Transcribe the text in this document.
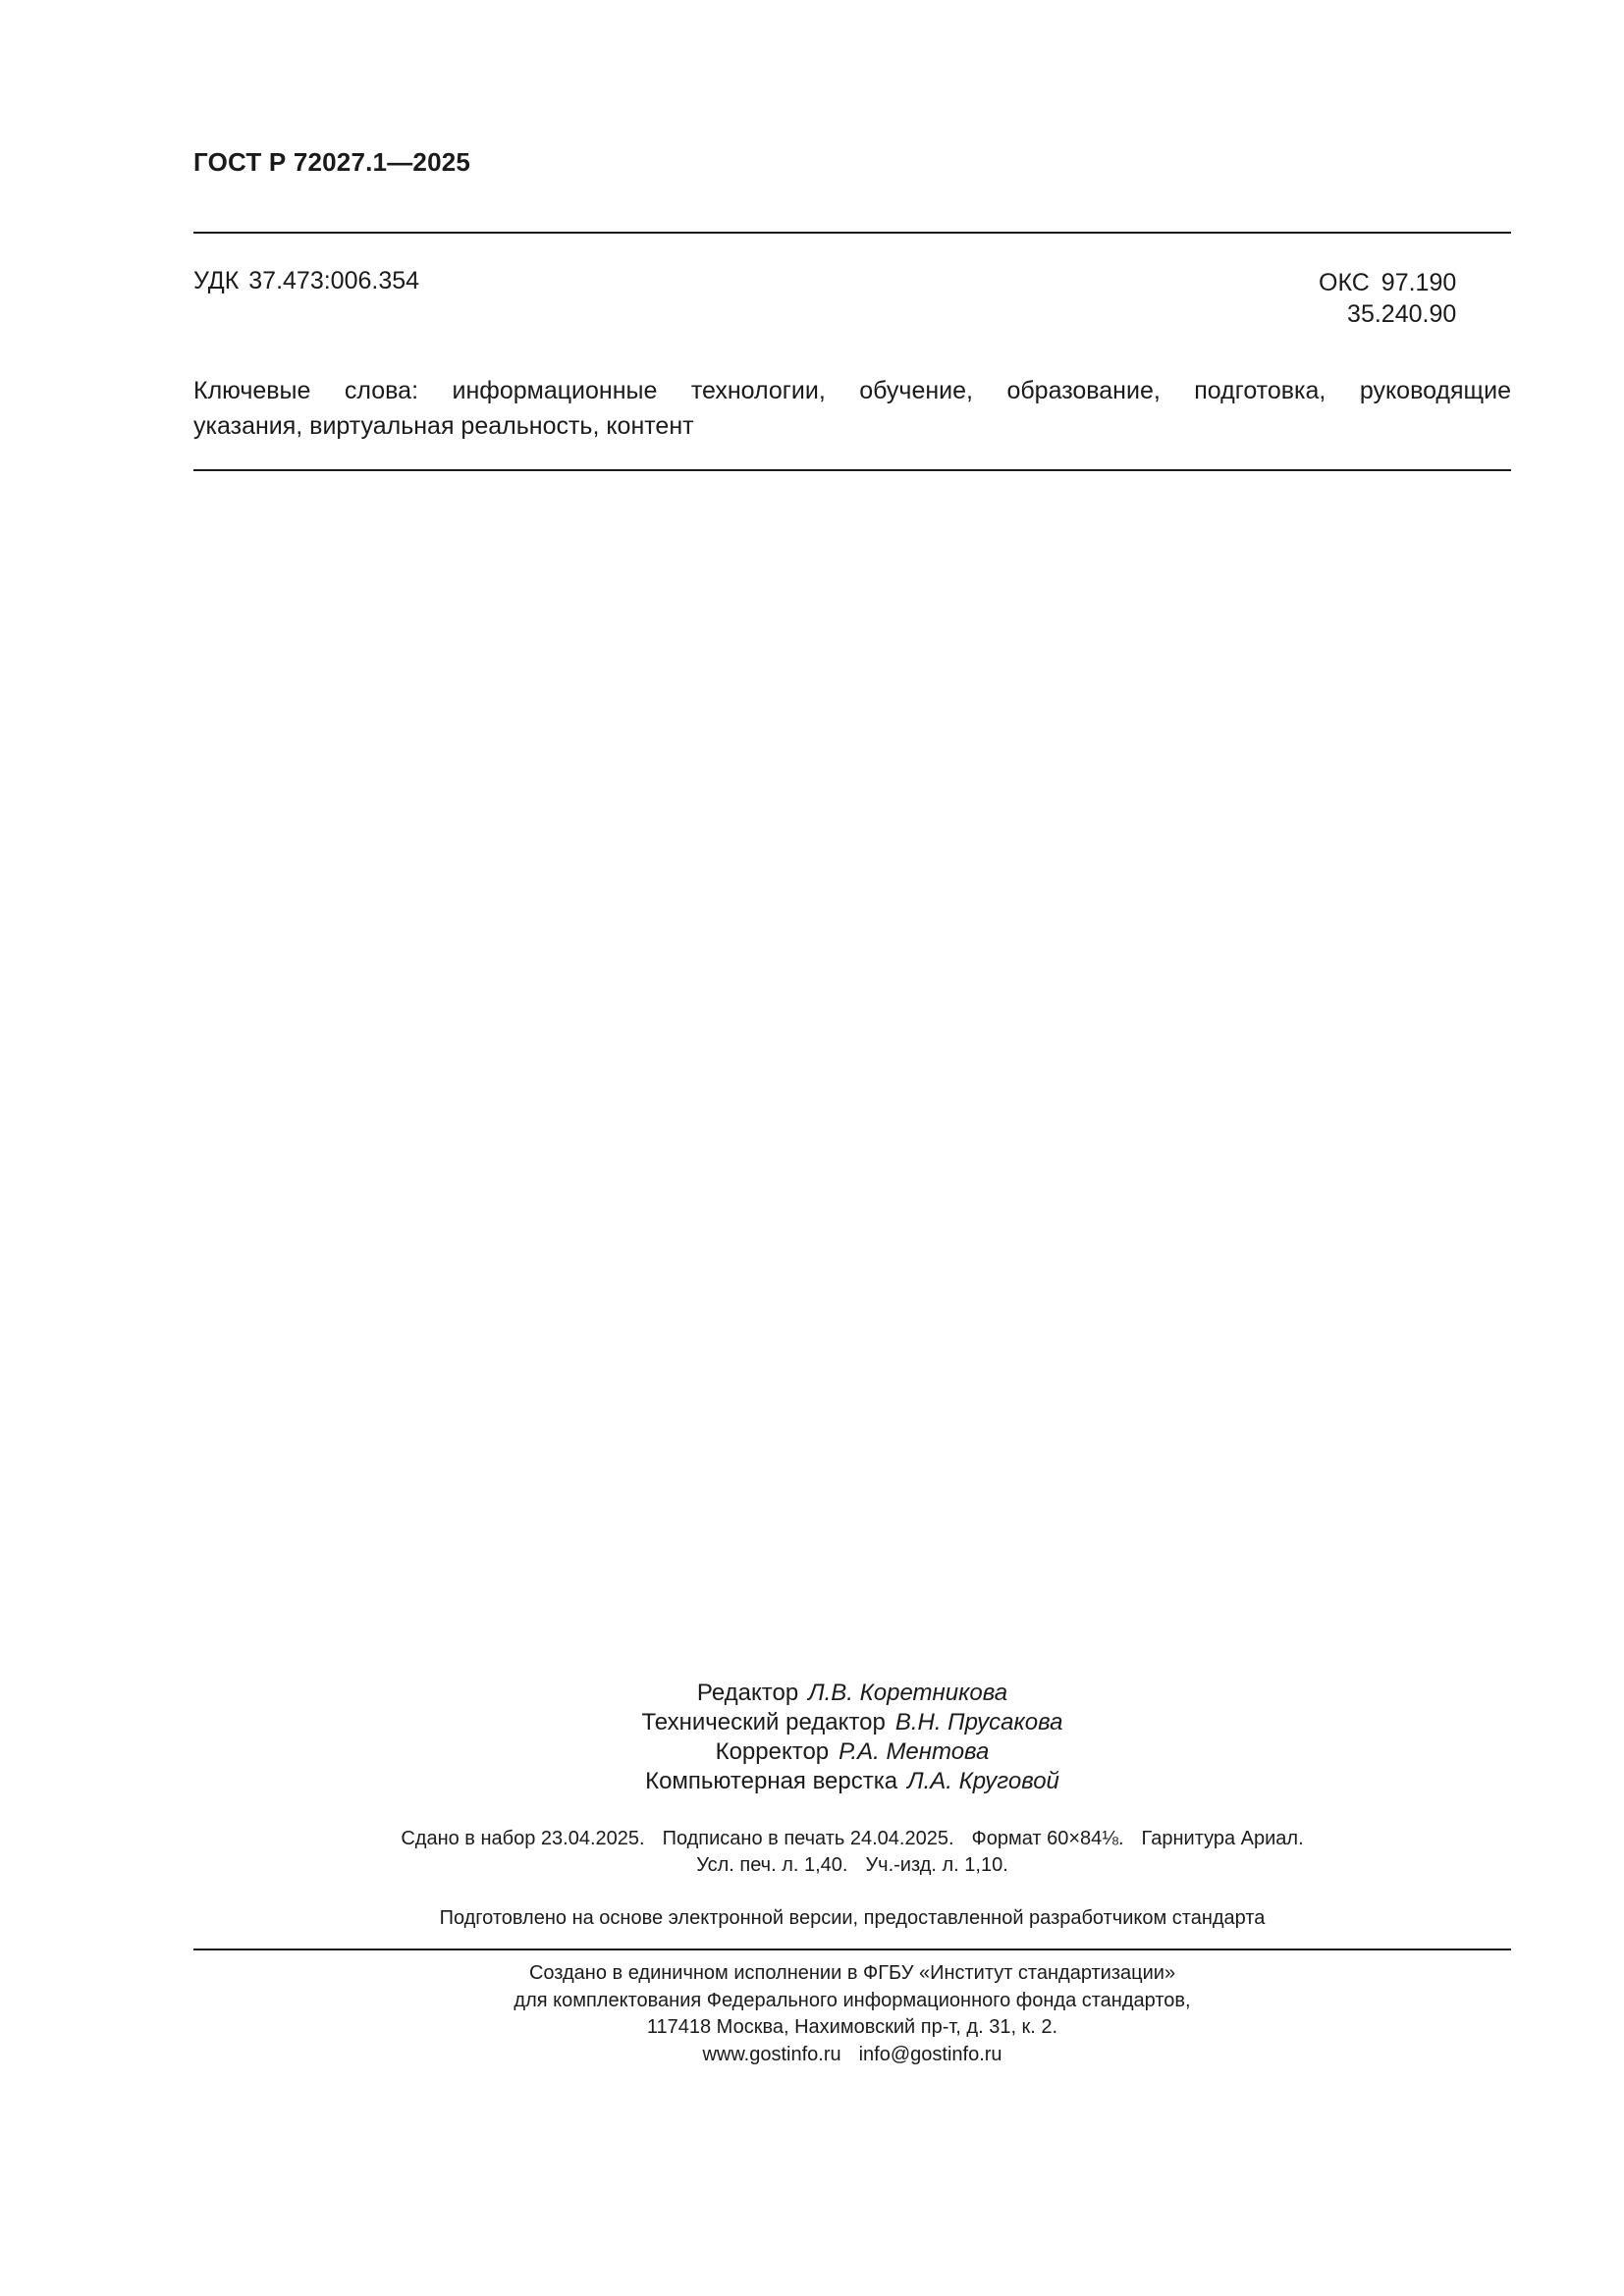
ГОСТ Р 72027.1—2025
УДК 37.473:006.354	ОКС 97.190
35.240.90
Ключевые слова: информационные технологии, обучение, образование, подготовка, руководящие
указания, виртуальная реальность, контент
Редактор Л.В. Коретникова
Технический редактор В.Н. Прусакова
Корректор Р.А. Ментова
Компьютерная верстка Л.А. Круговой
Сдано в набор 23.04.2025. Подписано в печать 24.04.2025. Формат 60×84⅛. Гарнитура Ариал.
Усл. печ. л. 1,40. Уч.-изд. л. 1,10.
Подготовлено на основе электронной версии, предоставленной разработчиком стандарта
Создано в единичном исполнении в ФГБУ «Институт стандартизации»
для комплектования Федерального информационного фонда стандартов,
117418 Москва, Нахимовский пр-т, д. 31, к. 2.
www.gostinfo.ru info@gostinfo.ru
